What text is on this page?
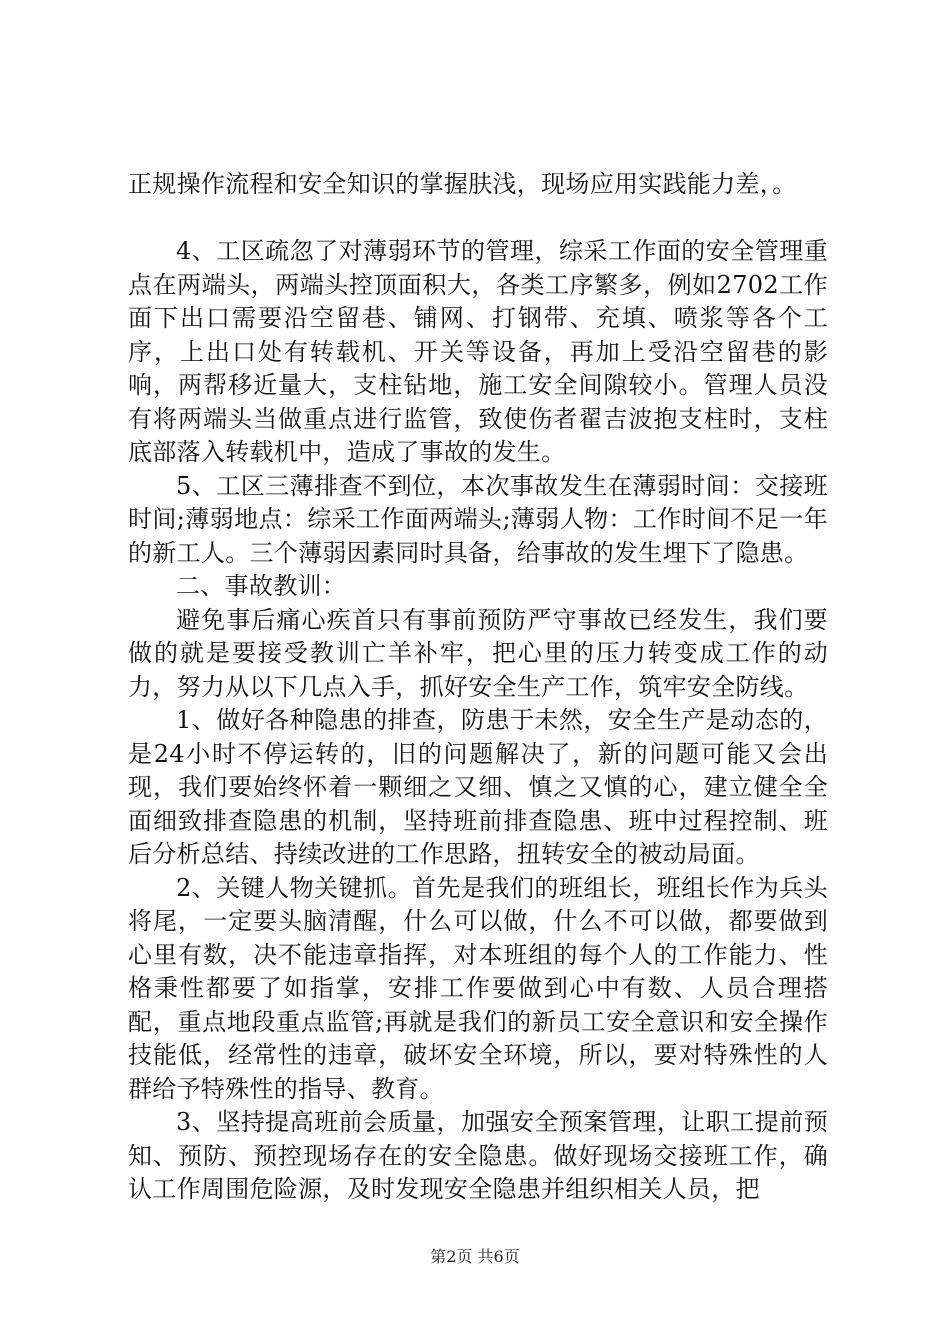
正规操作流程和安全知识的掌握肤浅，现场应用实践能力差，。

4、工区疏忽了对薄弱环节的管理，综采工作面的安全管理重点在两端头，两端头控顶面积大，各类工序繁多，例如2702工作面下出口需要沿空留巷、铺网、打钢带、充填、喷浆等各个工序，上出口处有转载机、开关等设备，再加上受沿空留巷的影响，两帮移近量大，支柱钻地，施工安全间隙较小。管理人员没有将两端头当做重点进行监管，致使伤者翟吉波抱支柱时，支柱底部落入转载机中，造成了事故的发生。

5、工区三薄排查不到位，本次事故发生在薄弱时间：交接班时间;薄弱地点：综采工作面两端头;薄弱人物：工作时间不足一年的新工人。三个薄弱因素同时具备，给事故的发生埋下了隐患。

二、事故教训：

避免事后痛心疾首只有事前预防严守事故已经发生，我们要做的就是要接受教训亡羊补牢，把心里的压力转变成工作的动力，努力从以下几点入手，抓好安全生产工作，筑牢安全防线。

1、做好各种隐患的排查，防患于未然，安全生产是动态的，是24小时不停运转的，旧的问题解决了，新的问题可能又会出现，我们要始终怀着一颗细之又细、慎之又慎的心，建立健全全面细致排查隐患的机制，坚持班前排查隐患、班中过程控制、班后分析总结、持续改进的工作思路，扭转安全的被动局面。

2、关键人物关键抓。首先是我们的班组长，班组长作为兵头将尾，一定要头脑清醒，什么可以做，什么不可以做，都要做到心里有数，决不能违章指挥，对本班组的每个人的工作能力、性格秉性都要了如指掌，安排工作要做到心中有数、人员合理搭配，重点地段重点监管;再就是我们的新员工安全意识和安全操作技能低，经常性的违章，破坏安全环境，所以，要对特殊性的人群给予特殊性的指导、教育。

3、坚持提高班前会质量，加强安全预案管理，让职工提前预知、预防、预控现场存在的安全隐患。做好现场交接班工作，确认工作周围危险源，及时发现安全隐患并组织相关人员，把

第2页 共6页
